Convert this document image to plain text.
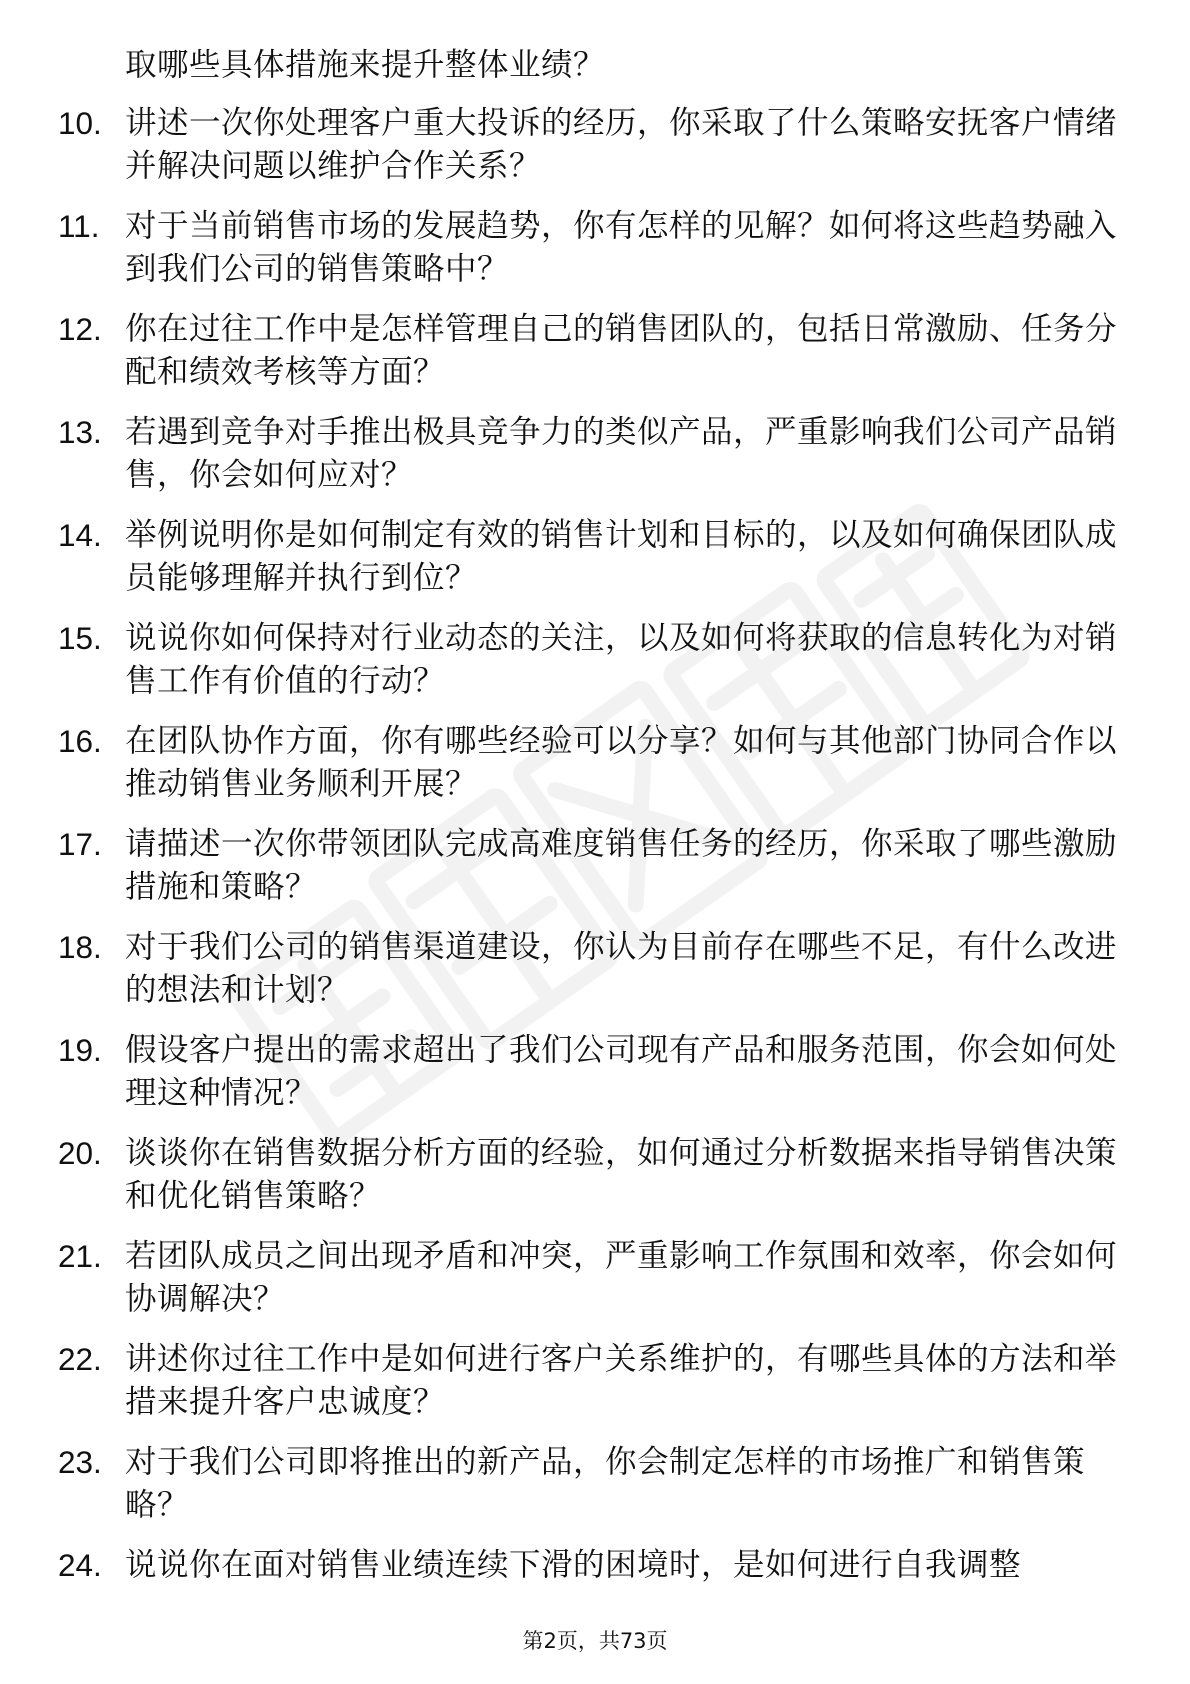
取哪些具体措施来提升整体业绩？
10. 讲述一次你处理客户重大投诉的经历，你采取了什么策略安抚客户情绪并解决问题以维护合作关系？
11. 对于当前销售市场的发展趋势，你有怎样的见解？如何将这些趋势融入到我们公司的销售策略中？
12. 你在过往工作中是怎样管理自己的销售团队的，包括日常激励、任务分配和绩效考核等方面？
13. 若遇到竞争对手推出极具竞争力的类似产品，严重影响我们公司产品销售，你会如何应对？
14. 举例说明你是如何制定有效的销售计划和目标的，以及如何确保团队成员能够理解并执行到位？
15. 说说你如何保持对行业动态的关注，以及如何将获取的信息转化为对销售工作有价值的行动？
16. 在团队协作方面，你有哪些经验可以分享？如何与其他部门协同合作以推动销售业务顺利开展？
17. 请描述一次你带领团队完成高难度销售任务的经历，你采取了哪些激励措施和策略？
18. 对于我们公司的销售渠道建设，你认为目前存在哪些不足，有什么改进的想法和计划？
19. 假设客户提出的需求超出了我们公司现有产品和服务范围，你会如何处理这种情况？
20. 谈谈你在销售数据分析方面的经验，如何通过分析数据来指导销售决策和优化销售策略？
21. 若团队成员之间出现矛盾和冲突，严重影响工作氛围和效率，你会如何协调解决？
22. 讲述你过往工作中是如何进行客户关系维护的，有哪些具体的方法和举措来提升客户忠诚度？
23. 对于我们公司即将推出的新产品，你会制定怎样的市场推广和销售策略？
24. 说说你在面对销售业绩连续下滑的困境时，是如何进行自我调整
第2页，共73页
